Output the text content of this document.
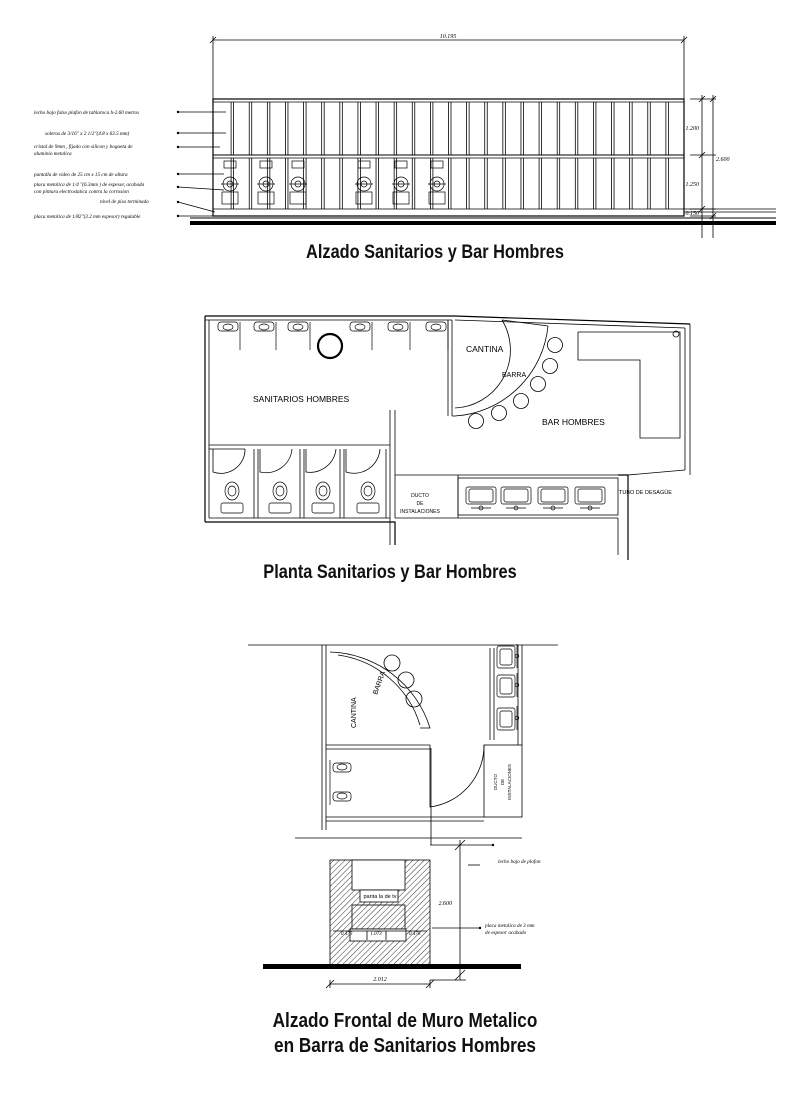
10.195
1.200
2.600
1.250
0.150
lecho bajo falso plafon de tablaroca h-2.60 metros
soleras de 3/16" x 2 1/2"(4.8 x 63.5 mm)
cristal de 9mm , fijado con silicon y bogueta de
aluminio metalica
pantalla de video de 25 cm x 15 cm de altura
placa metalica de 1/4 "(6.3mm ) de espesor, acabada
con pintura electrostatica contra la corrosion
nivel de piso terminado
placa metalica de 1/82"(3.2 mm espesor) regulable
SANITARIOS HOMBRES
CANTINA
BARRA
BAR HOMBRES
DUCTO
DE
INSTALACIONES
TUBO DE DESAGÜE
CANTINA
BARRA
DUCTO DE INSTALACIONES
panta la de tv
lecho bajo de plafon
placa metalica de 3 mm
de espesor acabado
2.600
0.470	1.073	0.470
2.012
Alzado Sanitarios y Bar Hombres
Planta Sanitarios y Bar Hombres
Alzado Frontal de Muro Metalico
en Barra de Sanitarios Hombres
